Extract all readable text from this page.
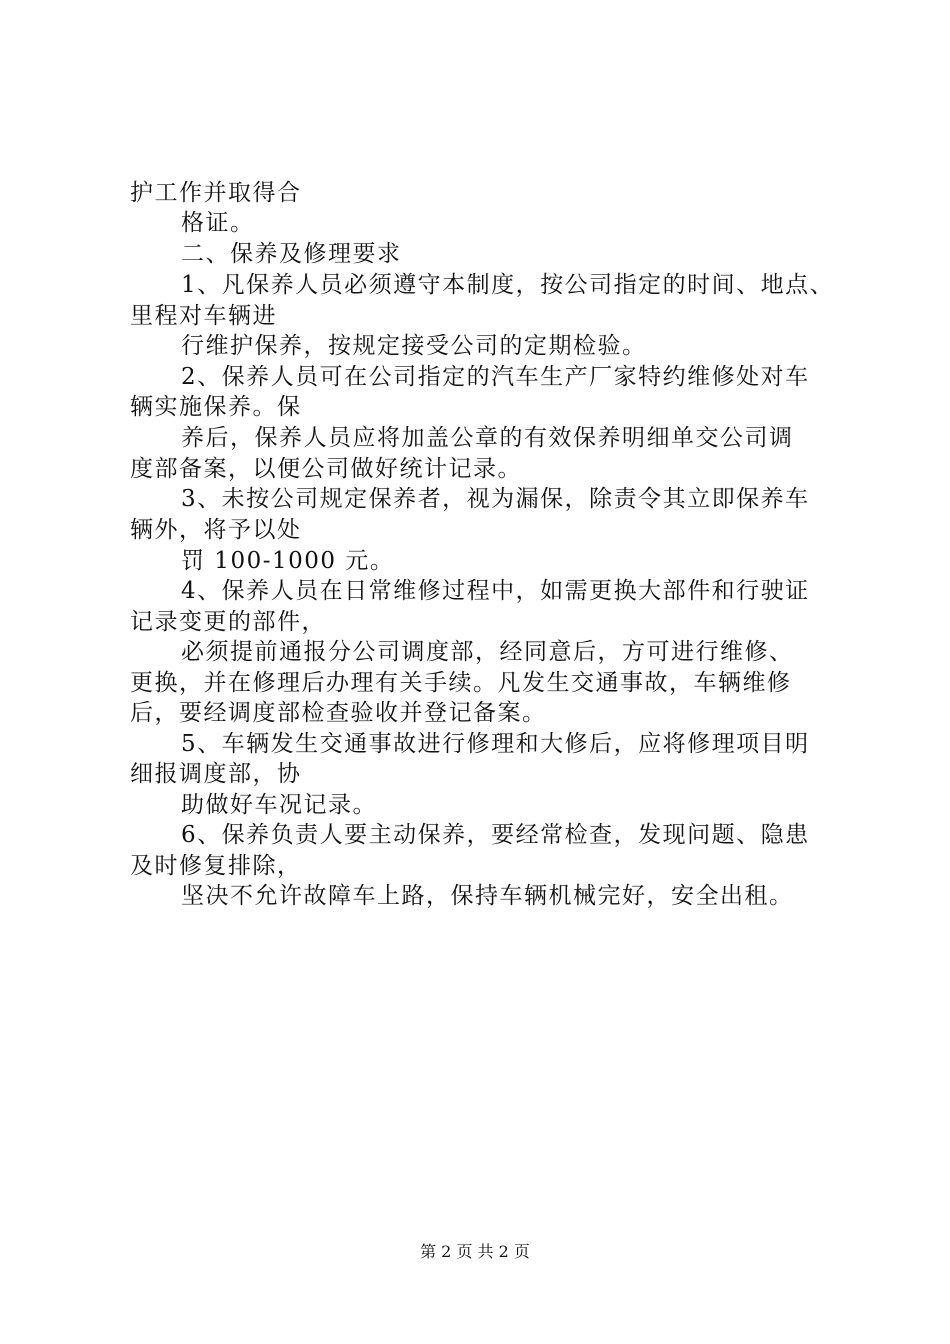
护工作并取得合
格证。
二、保养及修理要求
1、凡保养人员必须遵守本制度，按公司指定的时间、地点、
里程对车辆进
行维护保养，按规定接受公司的定期检验。
2、保养人员可在公司指定的汽车生产厂家特约维修处对车
辆实施保养。保
养后，保养人员应将加盖公章的有效保养明细单交公司调
度部备案，以便公司做好统计记录。
3、未按公司规定保养者，视为漏保，除责令其立即保养车
辆外，将予以处
罚 100-1000 元。
4、保养人员在日常维修过程中，如需更换大部件和行驶证
记录变更的部件，
必须提前通报分公司调度部，经同意后，方可进行维修、
更换，并在修理后办理有关手续。凡发生交通事故，车辆维修
后，要经调度部检查验收并登记备案。
5、车辆发生交通事故进行修理和大修后，应将修理项目明
细报调度部，协
助做好车况记录。
6、保养负责人要主动保养，要经常检查，发现问题、隐患
及时修复排除，
坚决不允许故障车上路，保持车辆机械完好，安全出租。
第 2 页 共 2 页
